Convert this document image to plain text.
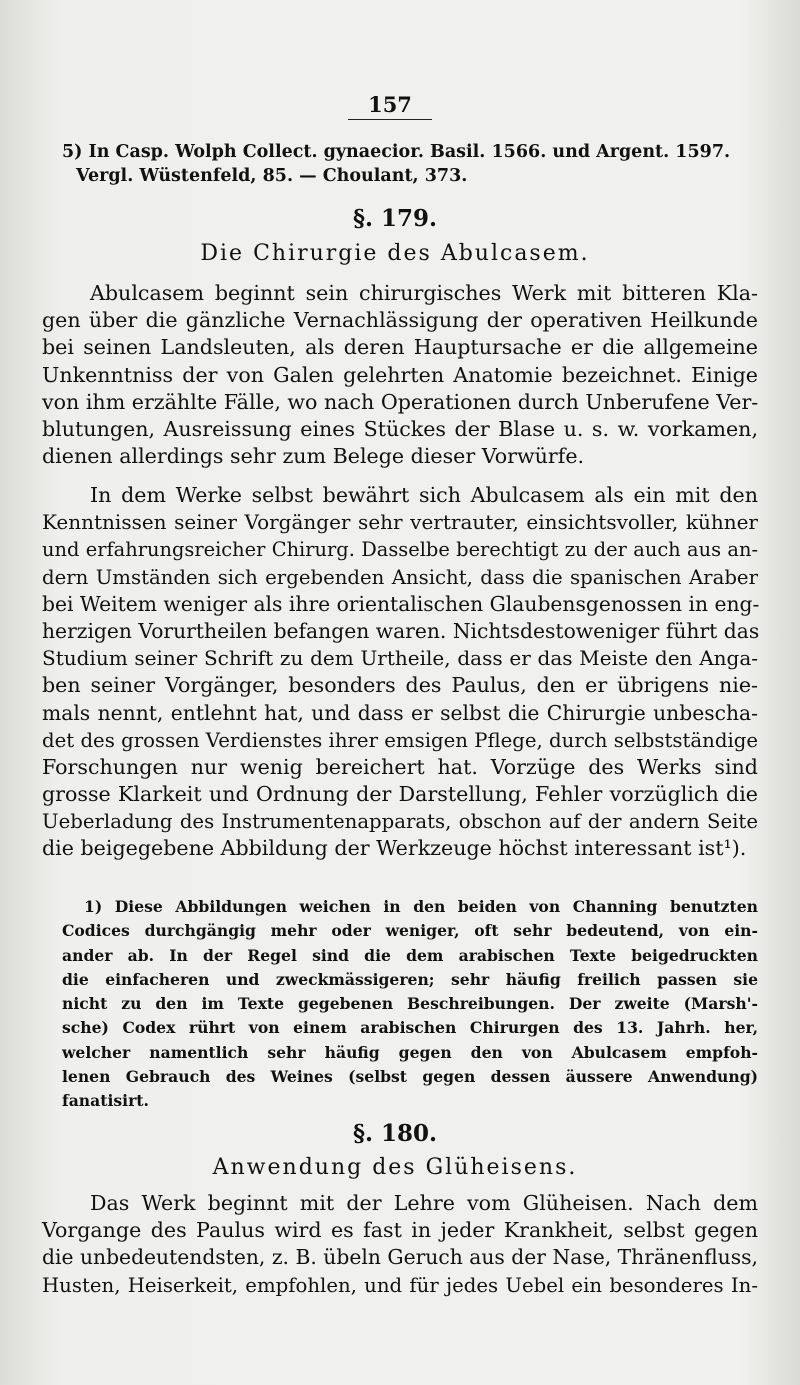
157
5) In Casp. Wolph Collect. gynaecior. Basil. 1566. und Argent. 1597.
Vergl. Wüstenfeld, 85. — Choulant, 373.
§. 179.
Die Chirurgie des Abulcasem.
Abulcasem beginnt sein chirurgisches Werk mit bitteren Kla-
gen über die gänzliche Vernachlässigung der operativen Heilkunde
bei seinen Landsleuten, als deren Hauptursache er die allgemeine
Unkenntniss der von Galen gelehrten Anatomie bezeichnet. Einige
von ihm erzählte Fälle, wo nach Operationen durch Unberufene Ver-
blutungen, Ausreissung eines Stückes der Blase u. s. w. vorkamen,
dienen allerdings sehr zum Belege dieser Vorwürfe.
In dem Werke selbst bewährt sich Abulcasem als ein mit den
Kenntnissen seiner Vorgänger sehr vertrauter, einsichtsvoller, kühner
und erfahrungsreicher Chirurg. Dasselbe berechtigt zu der auch aus an-
dern Umständen sich ergebenden Ansicht, dass die spanischen Araber
bei Weitem weniger als ihre orientalischen Glaubensgenossen in eng-
herzigen Vorurtheilen befangen waren. Nichtsdestoweniger führt das
Studium seiner Schrift zu dem Urtheile, dass er das Meiste den Anga-
ben seiner Vorgänger, besonders des Paulus, den er übrigens nie-
mals nennt, entlehnt hat, und dass er selbst die Chirurgie unbescha-
det des grossen Verdienstes ihrer emsigen Pflege, durch selbstständige
Forschungen nur wenig bereichert hat. Vorzüge des Werks sind
grosse Klarkeit und Ordnung der Darstellung, Fehler vorzüglich die
Ueberladung des Instrumentenapparats, obschon auf der andern Seite
die beigegebene Abbildung der Werkzeuge höchst interessant ist¹).
1) Diese Abbildungen weichen in den beiden von Channing benutzten
Codices durchgängig mehr oder weniger, oft sehr bedeutend, von ein-
ander ab. In der Regel sind die dem arabischen Texte beigedruckten
die einfacheren und zweckmässigeren; sehr häufig freilich passen sie
nicht zu den im Texte gegebenen Beschreibungen. Der zweite (Marsh'-
sche) Codex rührt von einem arabischen Chirurgen des 13. Jahrh. her,
welcher namentlich sehr häufig gegen den von Abulcasem empfoh-
lenen Gebrauch des Weines (selbst gegen dessen äussere Anwendung)
fanatisirt.
§. 180.
Anwendung des Glüheisens.
Das Werk beginnt mit der Lehre vom Glüheisen. Nach dem
Vorgange des Paulus wird es fast in jeder Krankheit, selbst gegen
die unbedeutendsten, z. B. übeln Geruch aus der Nase, Thränenfluss,
Husten, Heiserkeit, empfohlen, und für jedes Uebel ein besonderes In-
